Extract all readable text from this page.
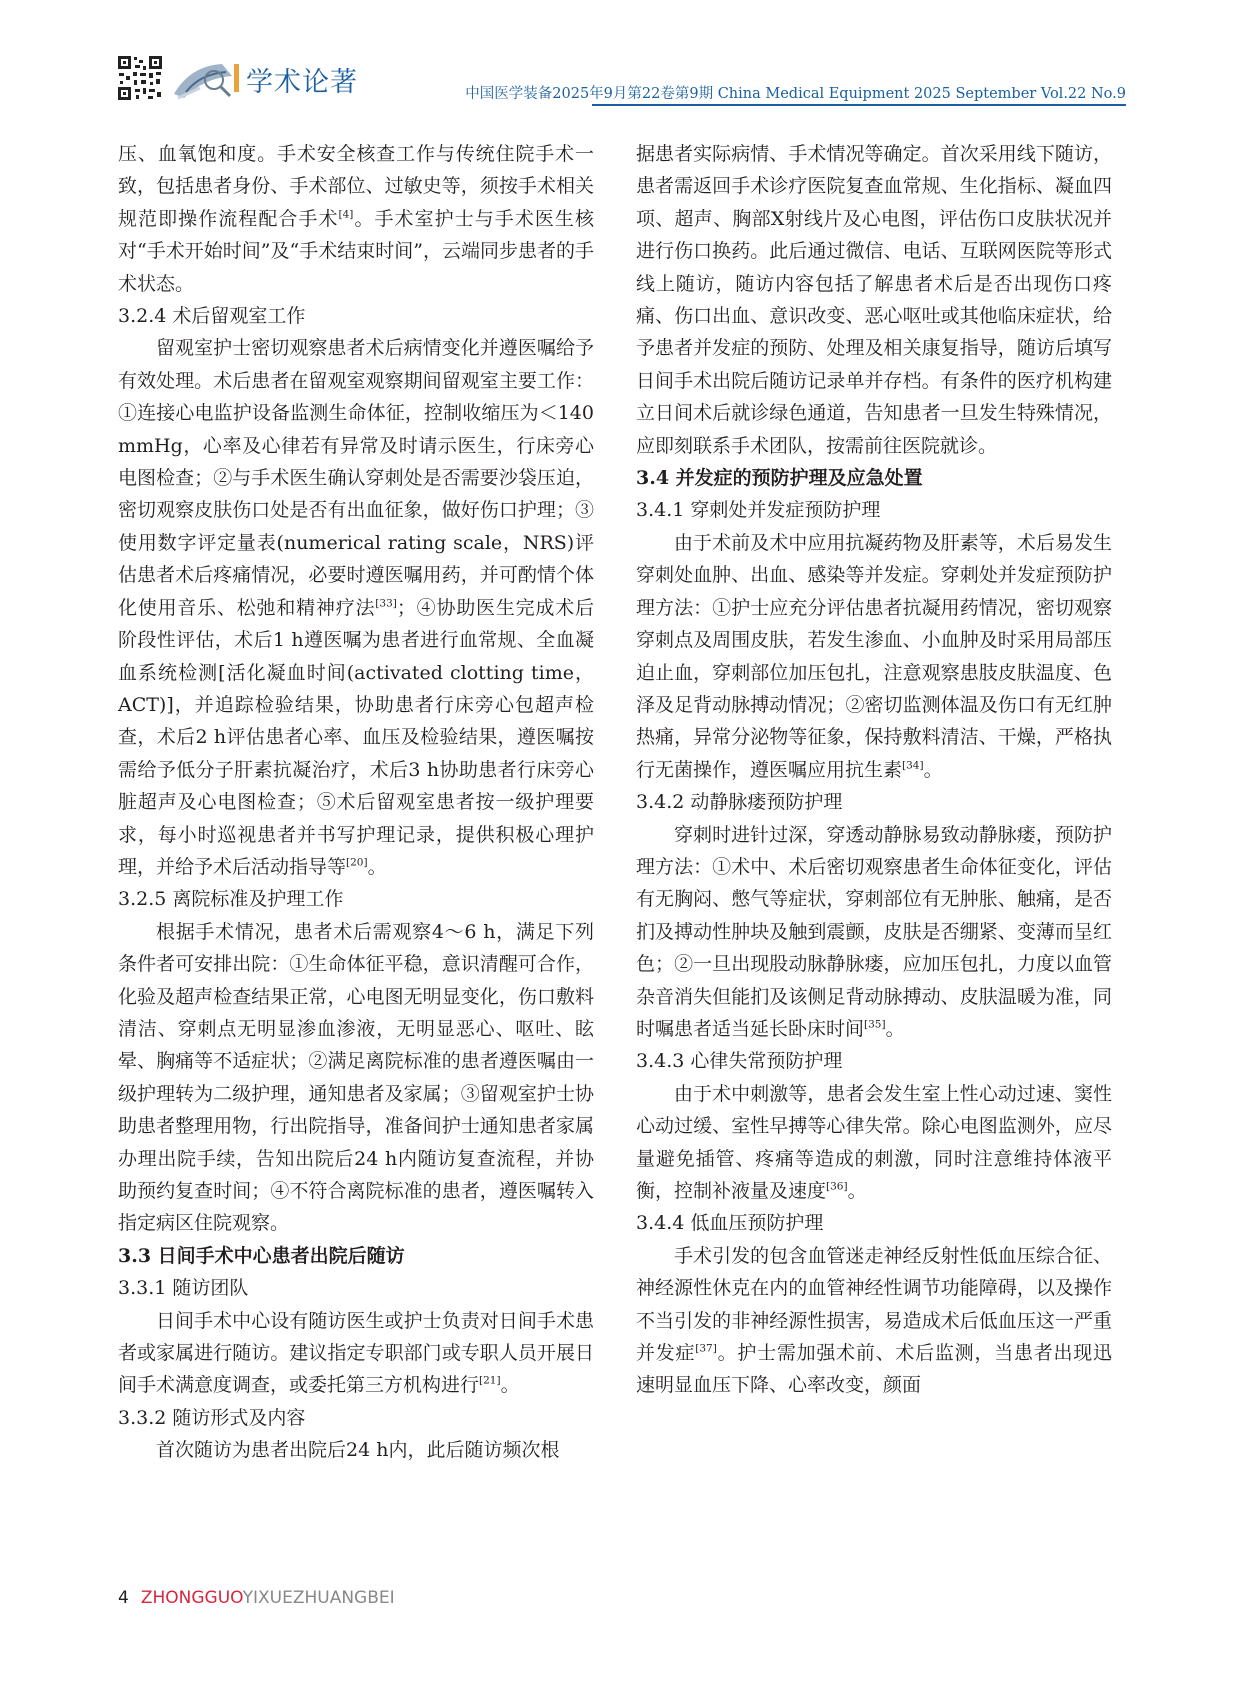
学术论著	中国医学装备2025年9月第22卷第9期 China Medical Equipment 2025 September Vol.22 No.9

压、血氧饱和度。手术安全核查工作与传统住院手术一致，包括患者身份、手术部位、过敏史等，须按手术相关规范即操作流程配合手术[4]。手术室护士与手术医生核对“手术开始时间”及“手术结束时间”，云端同步患者的手术状态。

3.2.4 术后留观室工作

留观室护士密切观察患者术后病情变化并遵医嘱给予有效处理。术后患者在留观室观察期间留观室主要工作：①连接心电监护设备监测生命体征，控制收缩压为＜140 mmHg，心率及心律若有异常及时请示医生，行床旁心电图检查；②与手术医生确认穿刺处是否需要沙袋压迫，密切观察皮肤伤口处是否有出血征象，做好伤口护理；③使用数字评定量表(numerical rating scale，NRS)评估患者术后疼痛情况，必要时遵医嘱用药，并可酌情个体化使用音乐、松弛和精神疗法[33]；④协助医生完成术后阶段性评估，术后1 h遵医嘱为患者进行血常规、全血凝血系统检测[活化凝血时间(activated clotting time，ACT)]，并追踪检验结果，协助患者行床旁心包超声检查，术后2 h评估患者心率、血压及检验结果，遵医嘱按需给予低分子肝素抗凝治疗，术后3 h协助患者行床旁心脏超声及心电图检查；⑤术后留观室患者按一级护理要求，每小时巡视患者并书写护理记录，提供积极心理护理，并给予术后活动指导等[20]。

3.2.5 离院标准及护理工作

根据手术情况，患者术后需观察4～6 h，满足下列条件者可安排出院：①生命体征平稳，意识清醒可合作，化验及超声检查结果正常，心电图无明显变化，伤口敷料清洁、穿刺点无明显渗血渗液，无明显恶心、呕吐、眩晕、胸痛等不适症状；②满足离院标准的患者遵医嘱由一级护理转为二级护理，通知患者及家属；③留观室护士协助患者整理用物，行出院指导，准备间护士通知患者家属办理出院手续，告知出院后24 h内随访复查流程，并协助预约复查时间；④不符合离院标准的患者，遵医嘱转入指定病区住院观察。

3.3 日间手术中心患者出院后随访
3.3.1 随访团队

日间手术中心设有随访医生或护士负责对日间手术患者或家属进行随访。建议指定专职部门或专职人员开展日间手术满意度调查，或委托第三方机构进行[21]。

3.3.2 随访形式及内容

首次随访为患者出院后24 h内，此后随访频次根

据患者实际病情、手术情况等确定。首次采用线下随访，患者需返回手术诊疗医院复查血常规、生化指标、凝血四项、超声、胸部X射线片及心电图，评估伤口皮肤状况并进行伤口换药。此后通过微信、电话、互联网医院等形式线上随访，随访内容包括了解患者术后是否出现伤口疼痛、伤口出血、意识改变、恶心呕吐或其他临床症状，给予患者并发症的预防、处理及相关康复指导，随访后填写日间手术出院后随访记录单并存档。有条件的医疗机构建立日间术后就诊绿色通道，告知患者一旦发生特殊情况，应即刻联系手术团队，按需前往医院就诊。

3.4 并发症的预防护理及应急处置
3.4.1 穿刺处并发症预防护理

由于术前及术中应用抗凝药物及肝素等，术后易发生穿刺处血肿、出血、感染等并发症。穿刺处并发症预防护理方法：①护士应充分评估患者抗凝用药情况，密切观察穿刺点及周围皮肤，若发生渗血、小血肿及时采用局部压迫止血，穿刺部位加压包扎，注意观察患肢皮肤温度、色泽及足背动脉搏动情况；②密切监测体温及伤口有无红肿热痛，异常分泌物等征象，保持敷料清洁、干燥，严格执行无菌操作，遵医嘱应用抗生素[34]。

3.4.2 动静脉瘘预防护理

穿刺时进针过深，穿透动静脉易致动静脉瘘，预防护理方法：①术中、术后密切观察患者生命体征变化，评估有无胸闷、憋气等症状，穿刺部位有无肿胀、触痛，是否扪及搏动性肿块及触到震颤，皮肤是否绷紧、变薄而呈红色；②一旦出现股动脉静脉瘘，应加压包扎，力度以血管杂音消失但能扪及该侧足背动脉搏动、皮肤温暖为准，同时嘱患者适当延长卧床时间[35]。

3.4.3 心律失常预防护理

由于术中刺激等，患者会发生室上性心动过速、窦性心动过缓、室性早搏等心律失常。除心电图监测外，应尽量避免插管、疼痛等造成的刺激，同时注意维持体液平衡，控制补液量及速度[36]。

3.4.4 低血压预防护理

手术引发的包含血管迷走神经反射性低血压综合征、神经源性休克在内的血管神经性调节功能障碍，以及操作不当引发的非神经源性损害，易造成术后低血压这一严重并发症[37]。护士需加强术前、术后监测，当患者出现迅速明显血压下降、心率改变，颜面

4 ZHONGGUOYIXUEZHUANGBEI
